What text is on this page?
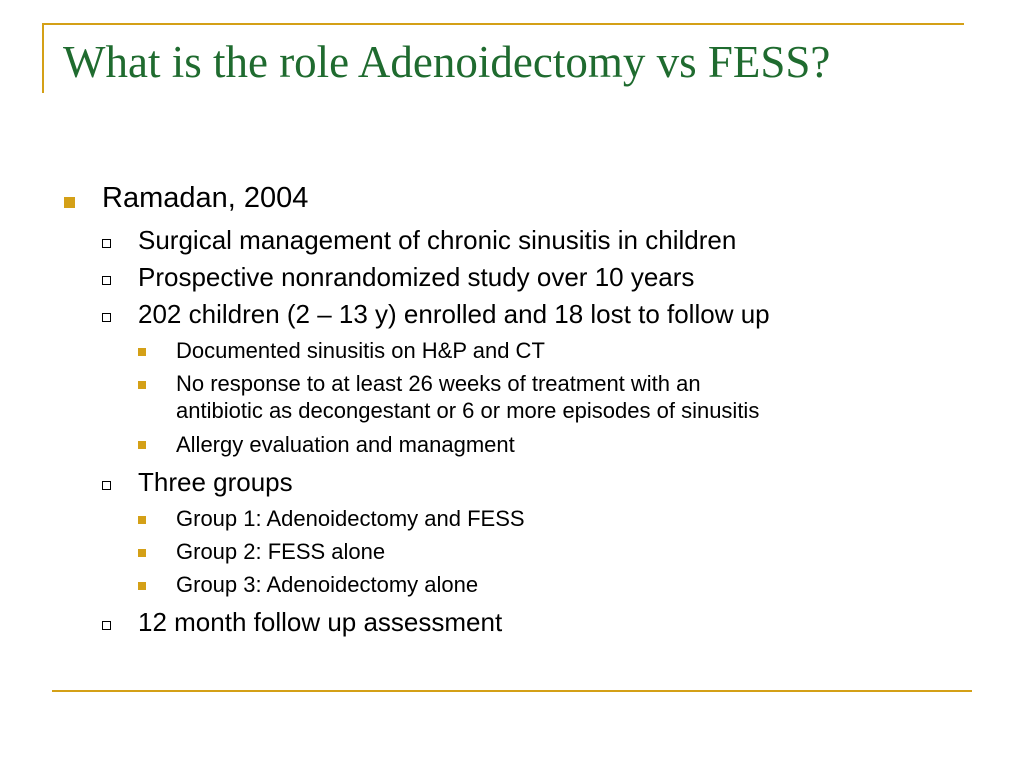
What is the role Adenoidectomy vs FESS?
Ramadan, 2004
Surgical management of chronic sinusitis in children
Prospective nonrandomized study over 10 years
202 children (2 – 13 y) enrolled and 18 lost to follow up
Documented sinusitis on H&P and CT
No response to at least 26 weeks of treatment with an
antibiotic as decongestant or 6 or more episodes of sinusitis
Allergy evaluation and managment
Three groups
Group 1: Adenoidectomy and FESS
Group 2: FESS alone
Group 3: Adenoidectomy alone
12 month follow up assessment
